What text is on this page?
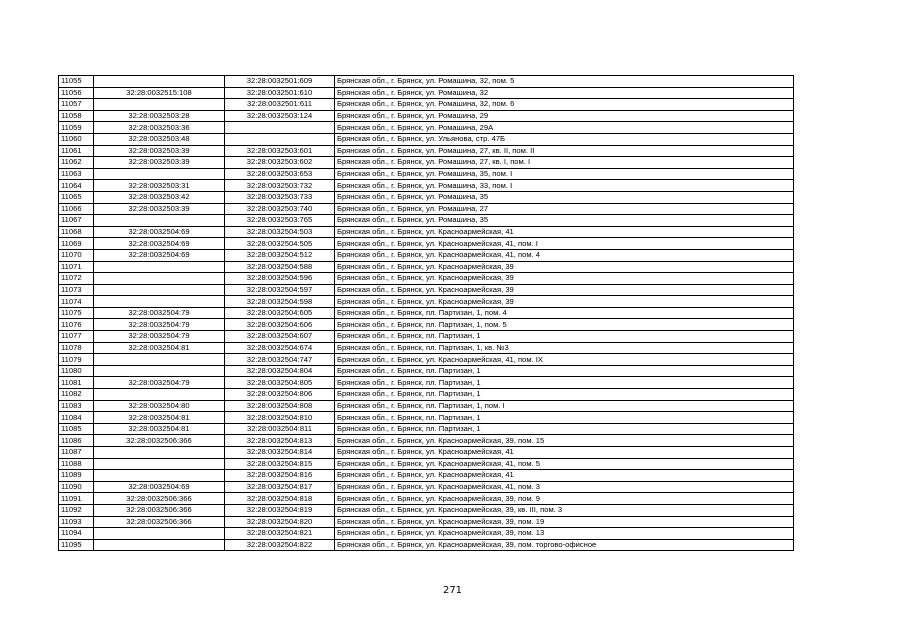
11055		32:28:0032501:609	Брянская обл., г. Брянск, ул. Ромашина, 32, пом. 5
11056	32:28:0032515:108	32:28:0032501:610	Брянская обл., г. Брянск, ул. Ромашина, 32
11057		32:28:0032501:611	Брянская обл., г. Брянск, ул. Ромашина, 32, пом. 6
11058	32:28:0032503:28	32:28:0032503:124	Брянская обл., г. Брянск, ул. Ромашина, 29
11059	32:28:0032503:36		Брянская обл., г. Брянск, ул. Ромашина, 29А
11060	32:28:0032503:48		Брянская обл., г. Брянск, ул. Ульянова, стр. 47Б
11061	32:28:0032503:39	32:28:0032503:601	Брянская обл., г. Брянск, ул. Ромашина, 27, кв. II, пом. II
11062	32:28:0032503:39	32:28:0032503:602	Брянская обл., г. Брянск, ул. Ромашина, 27, кв. I, пом. I
11063		32:28:0032503:653	Брянская обл., г. Брянск, ул. Ромашина, 35, пом. I
11064	32:28:0032503:31	32:28:0032503:732	Брянская обл., г. Брянск, ул. Ромашина, 33, пом. I
11065	32:28:0032503:42	32:28:0032503:733	Брянская обл., г. Брянск, ул. Ромашина, 35
11066	32:28:0032503:39	32:28:0032503:740	Брянская обл., г. Брянск, ул. Ромашина, 27
11067		32:28:0032503:765	Брянская обл., г. Брянск, ул. Ромашина, 35
11068	32:28:0032504:69	32:28:0032504:503	Брянская обл., г. Брянск, ул. Красноармейская, 41
11069	32:28:0032504:69	32:28:0032504:505	Брянская обл., г. Брянск, ул. Красноармейская, 41, пом. I
11070	32:28:0032504:69	32:28:0032504:512	Брянская обл., г. Брянск, ул. Красноармейская, 41, пом. 4
11071		32:28:0032504:588	Брянская обл., г. Брянск, ул. Красноармейская, 39
11072		32:28:0032504:596	Брянская обл., г. Брянск, ул. Красноармейская, 39
11073		32:28:0032504:597	Брянская обл., г. Брянск, ул. Красноармейская, 39
11074		32:28:0032504:598	Брянская обл., г. Брянск, ул. Красноармейская, 39
11075	32:28:0032504:79	32:28:0032504:605	Брянская обл., г. Брянск, пл. Партизан, 1, пом. 4
11076	32:28:0032504:79	32:28:0032504:606	Брянская обл., г. Брянск, пл. Партизан, 1, пом. 5
11077	32:28:0032504:79	32:28:0032504:607	Брянская обл., г. Брянск, пл. Партизан, 1
11078	32:28:0032504:81	32:28:0032504:674	Брянская обл., г. Брянск, пл. Партизан, 1, кв. №3
11079		32:28:0032504:747	Брянская обл., г. Брянск, ул. Красноармейская, 41, пом. IX
11080		32:28:0032504:804	Брянская обл., г. Брянск, пл. Партизан, 1
11081	32:28:0032504:79	32:28:0032504:805	Брянская обл., г. Брянск, пл. Партизан, 1
11082		32:28:0032504:806	Брянская обл., г. Брянск, пл. Партизан, 1
11083	32:28:0032504:80	32:28:0032504:808	Брянская обл., г. Брянск, пл. Партизан, 1, пом. I
11084	32:28:0032504:81	32:28:0032504:810	Брянская обл., г. Брянск, пл. Партизан, 1
11085	32:28:0032504:81	32:28:0032504:811	Брянская обл., г. Брянск, пл. Партизан, 1
11086	32:28:0032506:366	32:28:0032504:813	Брянская обл., г. Брянск, ул. Красноармейская, 39, пом. 15
11087		32:28:0032504:814	Брянская обл., г. Брянск, ул. Красноармейская, 41
11088		32:28:0032504:815	Брянская обл., г. Брянск, ул. Красноармейская, 41, пом. 5
11089		32:28:0032504:816	Брянская обл., г. Брянск, ул. Красноармейская, 41
11090	32:28:0032504:69	32:28:0032504:817	Брянская обл., г. Брянск, ул. Красноармейская, 41, пом. 3
11091	32:28:0032506:366	32:28:0032504:818	Брянская обл., г. Брянск, ул. Красноармейская, 39, пом. 9
11092	32:28:0032506:366	32:28:0032504:819	Брянская обл., г. Брянск, ул. Красноармейская, 39, кв. III, пом. 3
11093	32:28:0032506:366	32:28:0032504:820	Брянская обл., г. Брянск, ул. Красноармейская, 39, пом. 19
11094		32:28:0032504:821	Брянская обл., г. Брянск, ул. Красноармейская, 39, пом. 13
11095		32:28:0032504:822	Брянская обл., г. Брянск, ул. Красноармейская, 39, пом. торгово-офисное
271
